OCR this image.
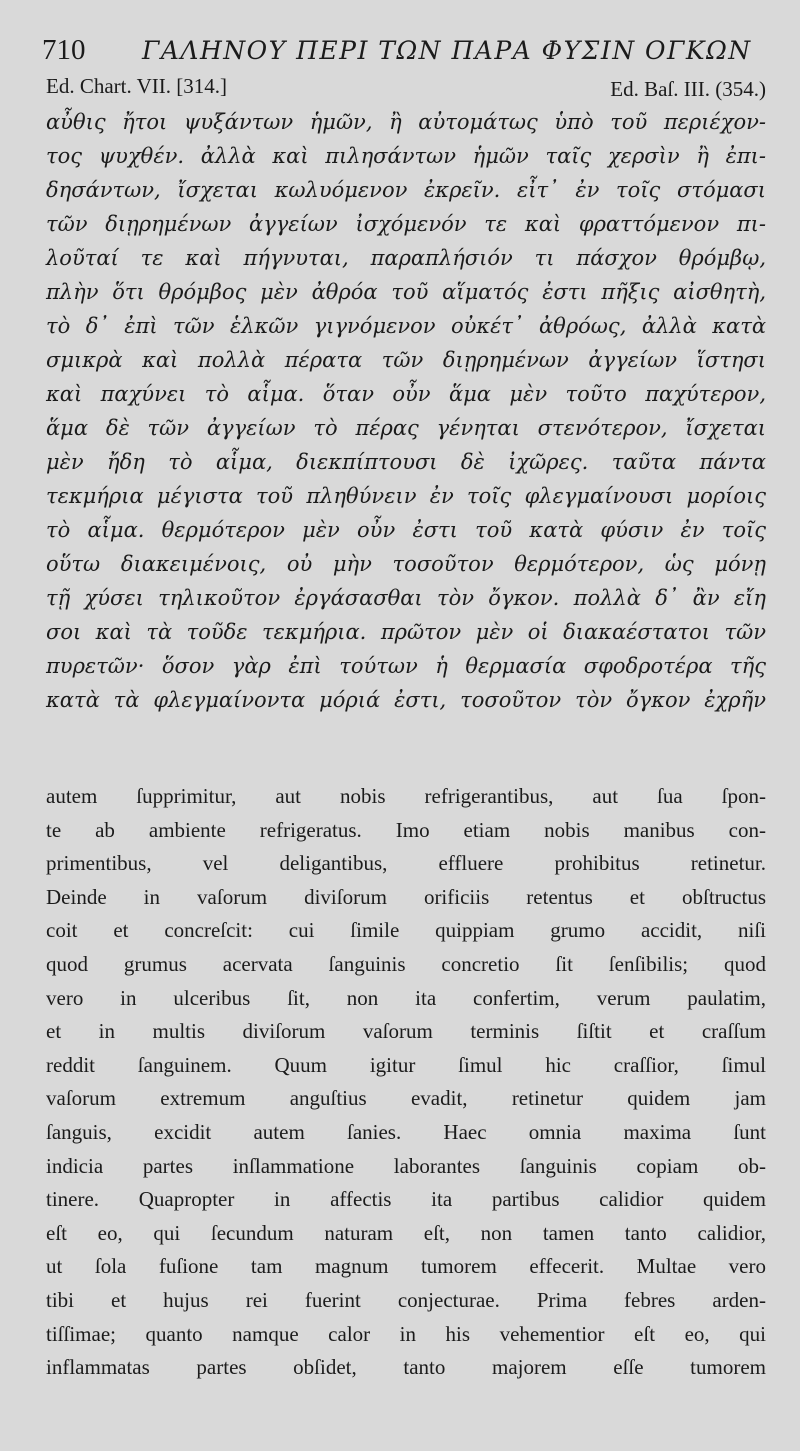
710 ΓΑΛΗΝΟΥ ΠΕΡΙ ΤΩΝ ΠΑΡΑ ΦΥΣΙΝ ΟΓΚΩΝ
Ed. Chart. VII. [314.]	Ed. Baſ. III. (354.)
αὖθις ἤτοι ψυξάντων ἡμῶν, ἢ αὐτομάτως ὑπὸ τοῦ περιέχον-
τος ψυχθέν. ἀλλὰ καὶ πιλησάντων ἡμῶν ταῖς χερσὶν ἢ ἐπι-
δησάντων, ἴσχεται κωλυόμενον ἐκρεῖν. εἶτ᾽ ἐν τοῖς στόμασι
τῶν διῃρημένων ἀγγείων ἰσχόμενόν τε καὶ φραττόμενον πι-
λοῦταί τε καὶ πήγνυται, παραπλήσιόν τι πάσχον θρόμβῳ,
πλὴν ὅτι θρόμβος μὲν ἀθρόα τοῦ αἵματός ἐστι πῆξις αἰσθητὴ,
τὸ δ᾽ ἐπὶ τῶν ἑλκῶν γιγνόμενον οὐκέτ᾽ ἀθρόως, ἀλλὰ κατὰ
σμικρὰ καὶ πολλὰ πέρατα τῶν διῃρημένων ἀγγείων ἵστησι
καὶ παχύνει τὸ αἷμα. ὅταν οὖν ἅμα μὲν τοῦτο παχύτερον,
ἅμα δὲ τῶν ἀγγείων τὸ πέρας γένηται στενότερον, ἴσχεται
μὲν ἤδη τὸ αἷμα, διεκπίπτουσι δὲ ἰχῶρες. ταῦτα πάντα
τεκμήρια μέγιστα τοῦ πληθύνειν ἐν τοῖς φλεγμαίνουσι μορίοις
τὸ αἷμα. θερμότερον μὲν οὖν ἐστι τοῦ κατὰ φύσιν ἐν τοῖς
οὕτω διακειμένοις, οὐ μὴν τοσοῦτον θερμότερον, ὡς μόνῃ
τῇ χύσει τηλικοῦτον ἐργάσασθαι τὸν ὄγκον. πολλὰ δ᾽ ἂν εἴη
σοι καὶ τὰ τοῦδε τεκμήρια. πρῶτον μὲν οἱ διακαέστατοι τῶν
πυρετῶν· ὅσον γὰρ ἐπὶ τούτων ἡ θερμασία σφοδροτέρα τῆς
κατὰ τὰ φλεγμαίνοντα μόριά ἐστι, τοσοῦτον τὸν ὄγκον ἐχρῆν
autem ſupprimitur, aut nobis refrigerantibus, aut ſua ſpon-
te ab ambiente refrigeratus. Imo etiam nobis manibus con-
primentibus, vel deligantibus, effluere prohibitus retinetur.
Deinde in vaſorum diviſorum orificiis retentus et obſtructus
coit et concreſcit: cui ſimile quippiam grumo accidit, niſi
quod grumus acervata ſanguinis concretio ſit ſenſibilis; quod
vero in ulceribus ſit, non ita confertim, verum paulatim,
et in multis diviſorum vaſorum terminis ſiſtit et craſſum
reddit ſanguinem. Quum igitur ſimul hic craſſior, ſimul
vaſorum extremum anguſtius evadit, retinetur quidem jam
ſanguis, excidit autem ſanies. Haec omnia maxima ſunt
indicia partes inſlammatione laborantes ſanguinis copiam ob-
tinere. Quapropter in affectis ita partibus calidior quidem
eſt eo, qui ſecundum naturam eſt, non tamen tanto calidior,
ut ſola fuſione tam magnum tumorem effecerit. Multae vero
tibi et hujus rei fuerint conjecturae. Prima febres arden-
tiſſimae; quanto namque calor in his vehementior eſt eo, qui
inflammatas partes obſidet, tanto majorem eſſe tumorem
